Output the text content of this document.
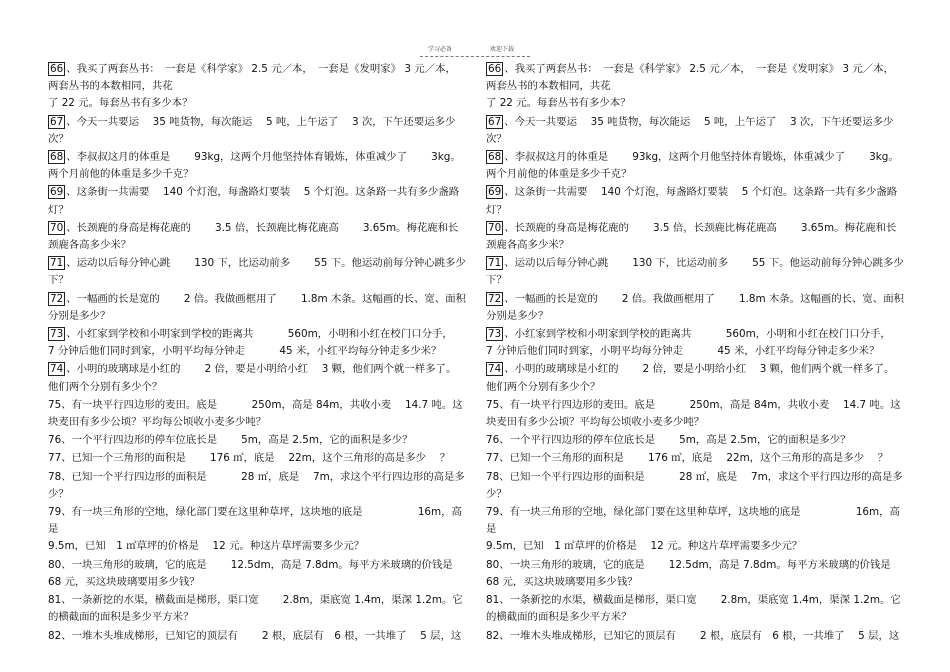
学习必备	欢迎下载
66 、我买了两套丛书：　一套是《科学家》 2.5 元／本，　一套是《发明家》 3 元／本，两套丛书的本数相同，共花
了 22 元。每套丛书有多少本？
67 、今天一共要运　 35 吨货物，每次能运　 5 吨，上午运了　 3 次，下午还要运多少次？
68 、李叔叔这月的体重是　　 93kg，这两个月他坚持体育锻炼，体重减少了　　 3kg。两个月前他的体重是多少千克？
69 、这条街一共需要　 140 个灯泡，每盏路灯要装　 5 个灯泡。这条路一共有多少盏路灯？
70 、长颈鹿的身高是梅花鹿的　　 3.5 倍，长颈鹿比梅花鹿高　　 3.65m。梅花鹿和长颈鹿各高多少米？
71 、运动以后每分钟心跳　　 130 下，比运动前多　　 55 下。他运动前每分钟心跳多少下？
72 、一幅画的长是宽的　　 2 倍。我做画框用了　　 1.8m 木条。这幅画的长、宽、面积分别是多少？
73 、小红家到学校和小明家到学校的距离共　　　 560m，小明和小红在校门口分手，　　 7 分钟后他们同时到家，小明平均每分钟走　　　 45 米，小红平均每分钟走多少米？
74 、小明的玻璃球是小红的　　 2 倍，要是小明给小红　 3 颗，他们两个就一样多了。他们两个分别有多少个？
75、有一块平行四边形的麦田。底是　　　 250m，高是 84m，共收小麦　 14.7 吨。这块麦田有多少公顷？平均每公顷收小麦多少吨？
76、一个平行四边形的停车位底长是　　 5m，高是 2.5m，它的面积是多少？
77、已知一个三角形的面积是　　 176 ㎡，底是　 22m，这个三角形的高是多少　 ？
78、已知一个平行四边形的面积是　　　 28 ㎡，底是　 7m，求这个平行四边形的高是多少？
79、有一块三角形的空地，绿化部门要在这里种草坪，这块地的底是　　　　　 16m，高是
9.5m，已知　1 ㎡草坪的价格是　 12 元。种这片草坪需要多少元？
80、一块三角形的玻璃，它的底是　　 12.5dm，高是 7.8dm。每平方米玻璃的价钱是
68 元，买这块玻璃要用多少钱？
81、一条新挖的水渠，横截面是梯形，渠口宽　　 2.8m，渠底宽 1.4m，渠深 1.2m。它的横截面的面积是多少平方米？
82、一堆木头堆成梯形，已知它的顶层有　　 2 根，底层有　6 根，一共堆了　 5 层，这
66 、我买了两套丛书：　一套是《科学家》 2.5 元／本，　一套是《发明家》 3 元／本，两套丛书的本数相同，共花
了 22 元。每套丛书有多少本？
67 、今天一共要运　 35 吨货物，每次能运　 5 吨，上午运了　 3 次，下午还要运多少次？
68 、李叔叔这月的体重是　　 93kg，这两个月他坚持体育锻炼，体重减少了　　 3kg。两个月前他的体重是多少千克？
69 、这条街一共需要　 140 个灯泡，每盏路灯要装　 5 个灯泡。这条路一共有多少盏路灯？
70 、长颈鹿的身高是梅花鹿的　　 3.5 倍，长颈鹿比梅花鹿高　　 3.65m。梅花鹿和长颈鹿各高多少米？
71 、运动以后每分钟心跳　　 130 下，比运动前多　　 55 下。他运动前每分钟心跳多少下？
72 、一幅画的长是宽的　　 2 倍。我做画框用了　　 1.8m 木条。这幅画的长、宽、面积分别是多少？
73 、小红家到学校和小明家到学校的距离共　　　 560m，小明和小红在校门口分手，　　 7 分钟后他们同时到家，小明平均每分钟走　　　 45 米，小红平均每分钟走多少米？
74 、小明的玻璃球是小红的　　 2 倍，要是小明给小红　 3 颗，他们两个就一样多了。他们两个分别有多少个？
75、有一块平行四边形的麦田。底是　　　 250m，高是 84m，共收小麦　 14.7 吨。这块麦田有多少公顷？平均每公顷收小麦多少吨？
76、一个平行四边形的停车位底长是　　 5m，高是 2.5m，它的面积是多少？
77、已知一个三角形的面积是　　 176 ㎡，底是　 22m，这个三角形的高是多少　 ？
78、已知一个平行四边形的面积是　　　 28 ㎡，底是　 7m，求这个平行四边形的高是多少？
79、有一块三角形的空地，绿化部门要在这里种草坪，这块地的底是　　　　　 16m，高是
9.5m，已知　1 ㎡草坪的价格是　 12 元。种这片草坪需要多少元？
80、一块三角形的玻璃，它的底是　　 12.5dm，高是 7.8dm。每平方米玻璃的价钱是
68 元，买这块玻璃要用多少钱？
81、一条新挖的水渠，横截面是梯形，渠口宽　　 2.8m，渠底宽 1.4m，渠深 1.2m。它的横截面的面积是多少平方米？
82、一堆木头堆成梯形，已知它的顶层有　　 2 根，底层有　6 根，一共堆了　 5 层，这
